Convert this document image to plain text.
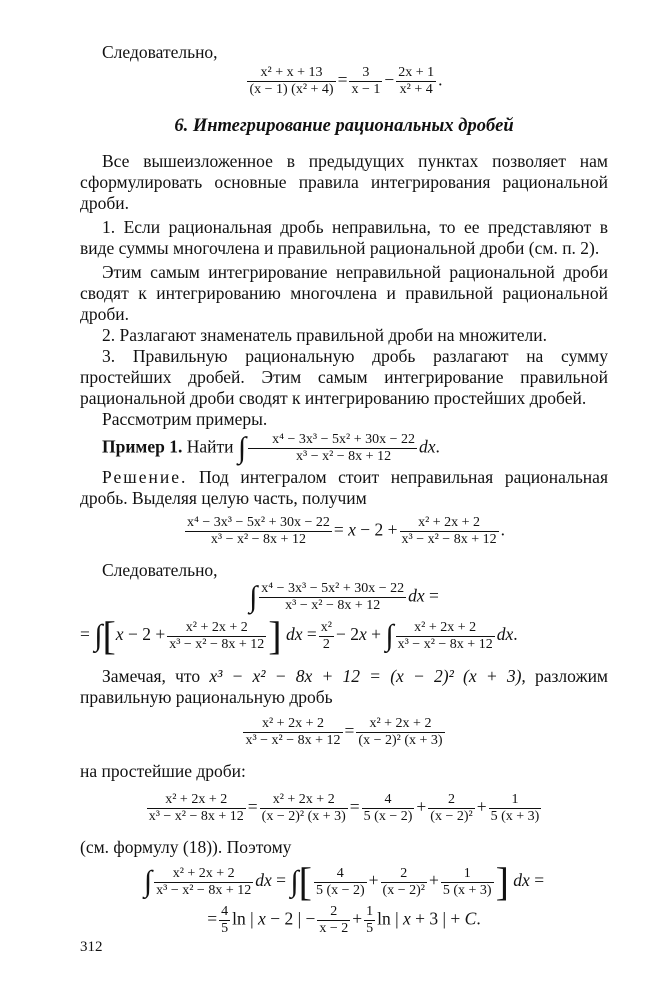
Следовательно,

$\frac{\text{x² + x + 13}}{\text{(x − 1) (x² + 4)}} = \frac{3}{x - 1} - \frac{2x + 1}{\text{x² + 4}}$ .

6. Интегрирование рациональных дробей

Все вышеизложенное в предыдущих пунктах позволяет нам сформулировать основные правила интегрирования рациональной дроби.

1. Если рациональная дробь неправильна, то ее представляют в виде суммы многочлена и правильной рациональной дроби (см. п. 2).

Этим самым интегрирование неправильной рациональной дроби сводят к интегрированию многочлена и правильной рациональной дроби.

2. Разлагают знаменатель правильной дроби на множители.

3. Правильную рациональную дробь разлагают на сумму простейших дробей. Этим самым интегрирование правильной рациональной дроби сводят к интегрированию простейших дробей.

Рассмотрим примеры.

Пример 1. Найти ∫ $\frac{\text{x⁴ − 3x³ − 5x² + 30x − 22}}{\text{x³ − x² − 8x + 12}}$ dx.

Решение. Под интегралом стоит неправильная рациональная дробь. Выделяя целую часть, получим

$\frac{\text{x⁴ − 3x³ − 5x² + 30x − 22}}{\text{x³ − x² − 8x + 12}} = x - 2 + \frac{\text{x² + 2x + 2}}{\text{x³ − x² − 8x + 12}}$ .

Следовательно,

∫ $\frac{\text{x⁴ − 3x³ − 5x² + 30x − 22}}{\text{x³ − x² − 8x + 12}}$ dx =

= $\int[x - 2 + \frac{\text{x² + 2x + 2}}{\text{x³ − x² − 8x + 12}}$ ] dx = $\frac{\text{x²}}{2} - 2x$ + ∫ $\frac{\text{x² + 2x + 2}}{\text{x³ − x² − 8x + 12}}$ dx.

Замечая, что x³ − x² − 8x + 12 = (x − 2)² (x + 3), разложим правильную рациональную дробь

$\frac{\text{x² + 2x + 2}}{\text{x³ − x² − 8x + 12}} = \frac{\text{x² + 2x + 2}}{\text{(x − 2)² (x + 3)}}$

на простейшие дроби:

$\frac{\text{x² + 2x + 2}}{\text{x³ − x² − 8x + 12}} = \frac{\text{x² + 2x + 2}}{\text{(x − 2)² (x + 3)}} = \frac{4}{5 (x - 2)} + \frac{2}{\text{(x − 2)²}} + \frac{1}{5 (x + 3)}$

(см. формулу (18)). Поэтому

∫ $\frac{\text{x² + 2x + 2}}{\text{x³ − x² − 8x + 12}}$ dx = ∫[ $\frac{4}{5 (x - 2)} + \frac{2}{\text{(x − 2)²}} + \frac{1}{5 (x + 3)}$ ] dx =

= $\frac{4}{5}$ ln | x − 2 | − $\frac{2}{x - 2} + \frac{1}{5}$ ln | x + 3 | + C.

312
